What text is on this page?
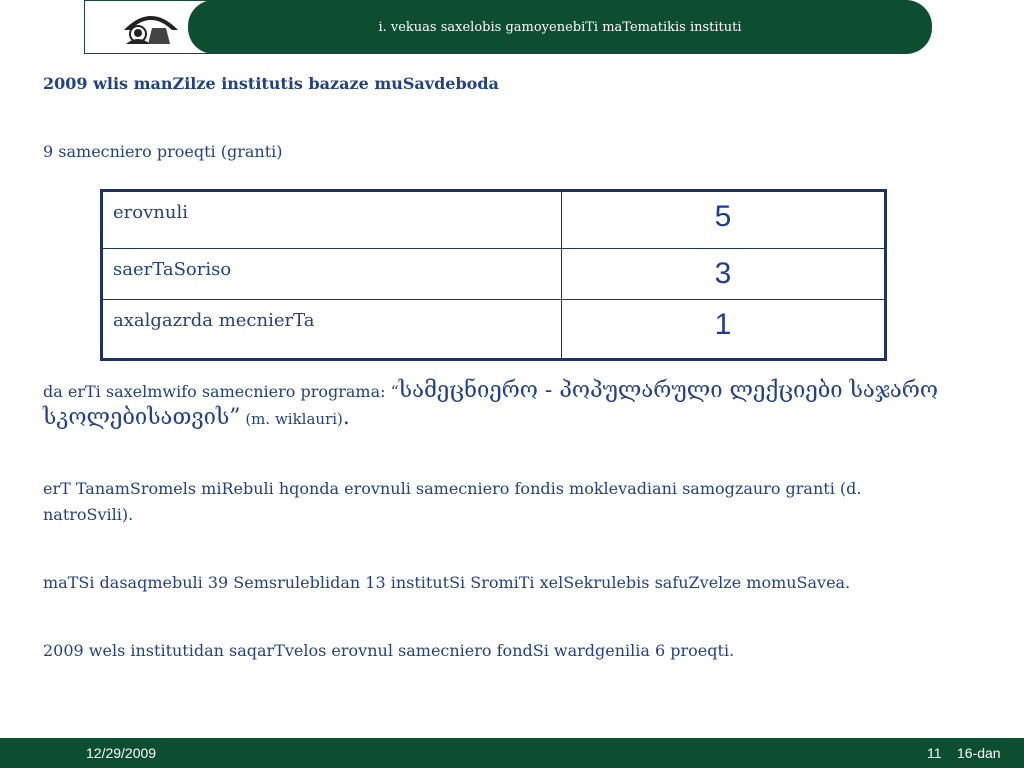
i. vekuas saxelobis gamoyenebiTi maTematikis instituti
2009 wlis manZilze institutis bazaze muSavdeboda
9 samecniero proeqti (granti)
erovnuli	5
saerTaSoriso	3
axalgazrda mecnierTa	1
da erTi saxelmwifo samecniero programa: “სამეცნიერო - პოპულარული ლექციები საჯარო სკოლებისათვის” (m. wiklauri).
erT TanamSromels miRebuli hqonda erovnuli samecniero fondis moklevadiani samogzauro granti (d. natroSvili).
maTSi dasaqmebuli 39 Semsruleblidan 13 institutSi SromiTi xelSekrulebis safuZvelze momuSavea.
2009 wels institutidan saqarTvelos erovnul samecniero fondSi wardgenilia 6 proeqti.
12/29/2009	11 16-dan
